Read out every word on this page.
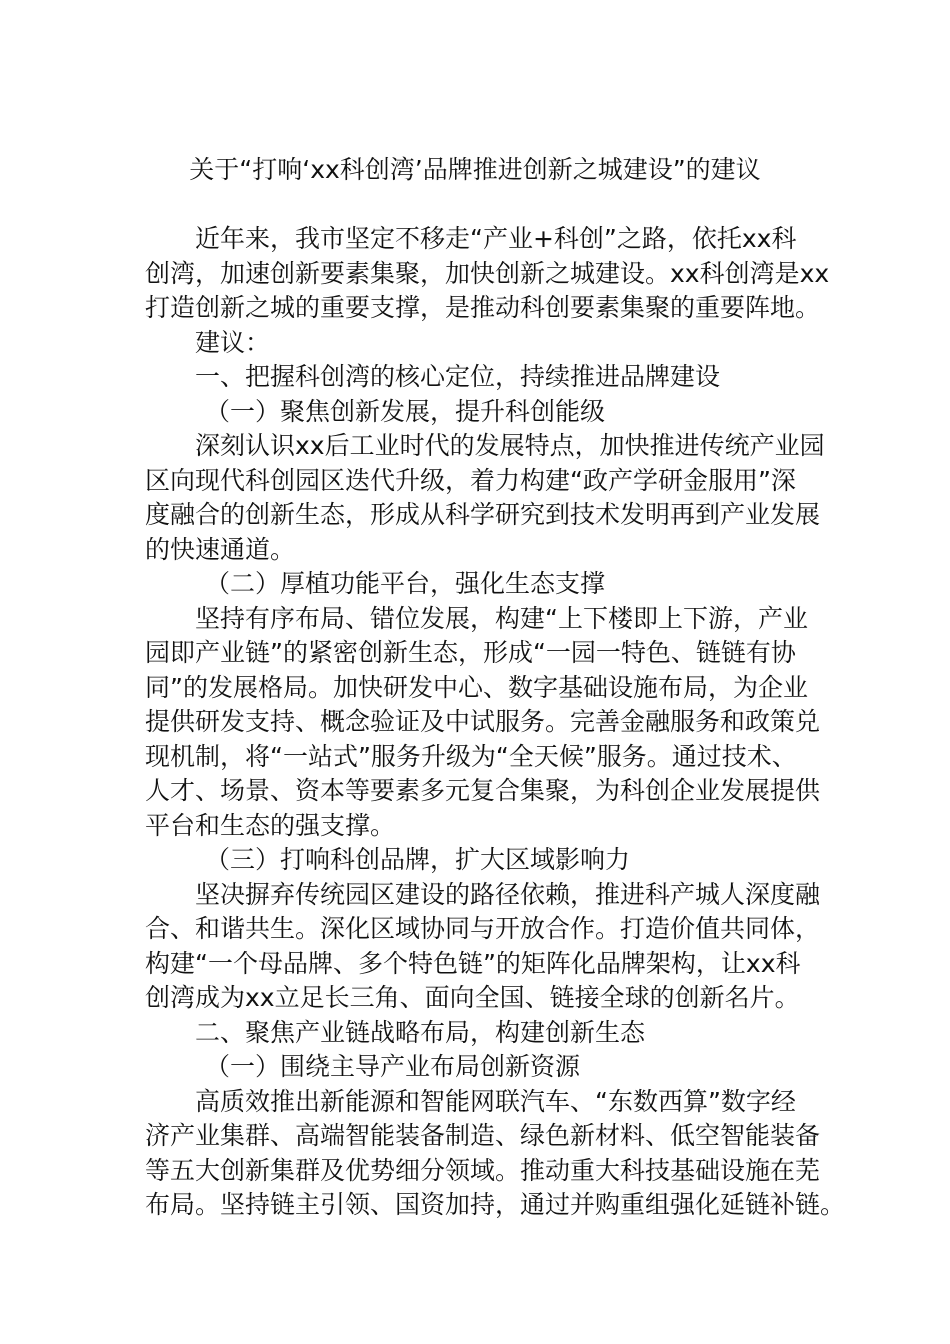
关于“打响‘xx科创湾’品牌推进创新之城建设”的建议
近年来，我市坚定不移走“产业+科创”之路，依托xx科
创湾，加速创新要素集聚，加快创新之城建设。xx科创湾是xx
打造创新之城的重要支撑，是推动科创要素集聚的重要阵地。
建议：
一、把握科创湾的核心定位，持续推进品牌建设
（一）聚焦创新发展，提升科创能级
深刻认识xx后工业时代的发展特点，加快推进传统产业园
区向现代科创园区迭代升级，着力构建“政产学研金服用”深
度融合的创新生态，形成从科学研究到技术发明再到产业发展
的快速通道。
（二）厚植功能平台，强化生态支撑
坚持有序布局、错位发展，构建“上下楼即上下游，产业
园即产业链”的紧密创新生态，形成“一园一特色、链链有协
同”的发展格局。加快研发中心、数字基础设施布局，为企业
提供研发支持、概念验证及中试服务。完善金融服务和政策兑
现机制，将“一站式”服务升级为“全天候”服务。通过技术、
人才、场景、资本等要素多元复合集聚，为科创企业发展提供
平台和生态的强支撑。
（三）打响科创品牌，扩大区域影响力
坚决摒弃传统园区建设的路径依赖，推进科产城人深度融
合、和谐共生。深化区域协同与开放合作。打造价值共同体，
构建“一个母品牌、多个特色链”的矩阵化品牌架构，让xx科
创湾成为xx立足长三角、面向全国、链接全球的创新名片。
二、聚焦产业链战略布局，构建创新生态
（一）围绕主导产业布局创新资源
高质效推出新能源和智能网联汽车、“东数西算”数字经
济产业集群、高端智能装备制造、绿色新材料、低空智能装备
等五大创新集群及优势细分领域。推动重大科技基础设施在芜
布局。坚持链主引领、国资加持，通过并购重组强化延链补链。
